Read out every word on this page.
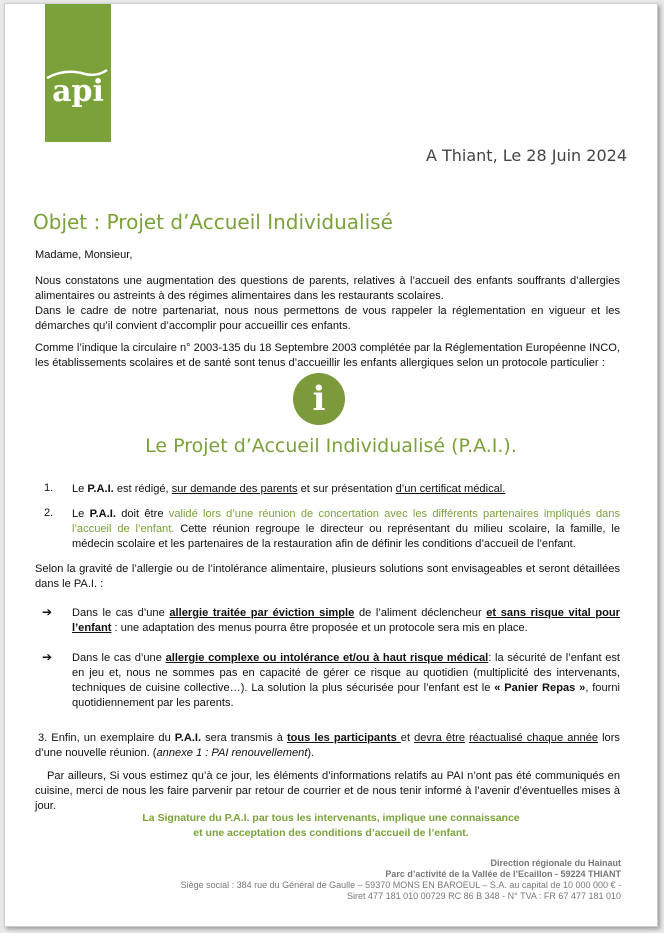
api
A Thiant, Le 28 Juin 2024
Objet : Projet d’Accueil Individualisé
Madame, Monsieur,
Nous constatons une augmentation des questions de parents, relatives à l’accueil des enfants souffrants d’allergies alimentaires ou astreints à des régimes alimentaires dans les restaurants scolaires.
Dans le cadre de notre partenariat, nous nous permettons de vous rappeler la réglementation en vigueur et les démarches qu’il convient d’accomplir pour accueillir ces enfants.
Comme l’indique la circulaire n° 2003-135 du 18 Septembre 2003 complétée par la Réglementation Européenne INCO, les établissements scolaires et de santé sont tenus d’accueillir les enfants allergiques selon un protocole particulier :
i
Le Projet d’Accueil Individualisé (P.A.I.).
1. Le P.A.I. est rédigé, sur demande des parents et sur présentation d’un certificat médical.
2. Le P.A.I. doit être validé lors d’une réunion de concertation avec les différents partenaires impliqués dans l’accueil de l’enfant. Cette réunion regroupe le directeur ou représentant du milieu scolaire, la famille, le médecin scolaire et les partenaires de la restauration afin de définir les conditions d’accueil de l’enfant.
Selon la gravité de l’allergie ou de l’intolérance alimentaire, plusieurs solutions sont envisageables et seront détaillées dans le PA.I. :
➔ Dans le cas d’une allergie traitée par éviction simple de l’aliment déclencheur et sans risque vital pour l’enfant : une adaptation des menus pourra être proposée et un protocole sera mis en place.
➔ Dans le cas d’une allergie complexe ou intolérance et/ou à haut risque médical: la sécurité de l’enfant est en jeu et, nous ne sommes pas en capacité de gérer ce risque au quotidien (multiplicité des intervenants, techniques de cuisine collective…). La solution la plus sécurisée pour l’enfant est le « Panier Repas », fourni quotidiennement par les parents.
3. Enfin, un exemplaire du P.A.I. sera transmis à tous les participants et devra être réactualisé chaque année lors d’une nouvelle réunion. (annexe 1 : PAI renouvellement).
Par ailleurs, Si vous estimez qu’à ce jour, les éléments d’informations relatifs au PAI n’ont pas été communiqués en cuisine, merci de nous les faire parvenir par retour de courrier et de nous tenir informé à l’avenir d’éventuelles mises à jour.
La Signature du P.A.I. par tous les intervenants, implique une connaissance
et une acceptation des conditions d’accueil de l’enfant.
Direction régionale du Hainaut
Parc d’activité de la Vallée de l’Ecaillon - 59224 THIANT
Siège social : 384 rue du Général de Gaulle – 59370 MONS EN BAROEUL – S.A. au capital de 10 000 000 € -
Siret 477 181 010 00729 RC 86 B 348 - N° TVA : FR 67 477 181 010
